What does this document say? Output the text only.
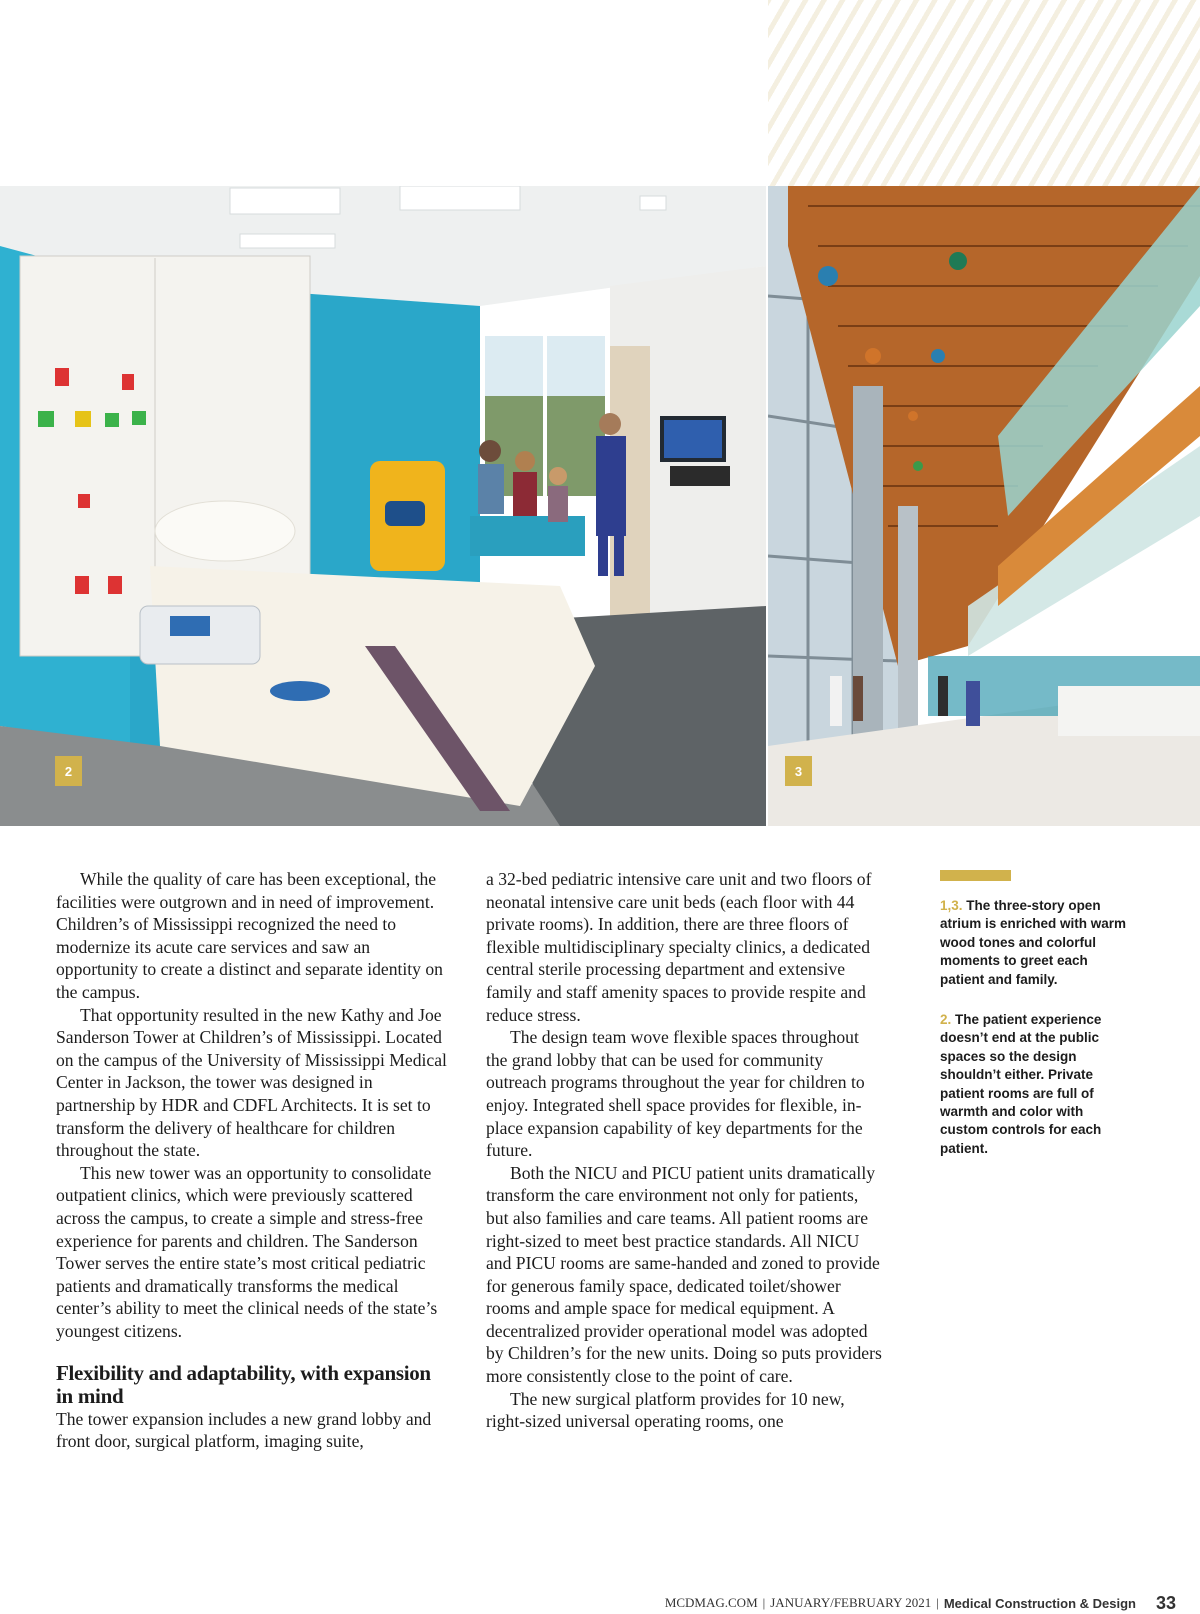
2	3

While the quality of care has been exceptional, the facilities were outgrown and in need of improvement. Children’s of Mississippi recognized the need to modernize its acute care services and saw an opportunity to create a distinct and separate identity on the campus.

That opportunity resulted in the new Kathy and Joe Sanderson Tower at Children’s of Mississippi. Located on the campus of the University of Mississippi Medical Center in Jackson, the tower was designed in partnership by HDR and CDFL Architects. It is set to transform the delivery of healthcare for children throughout the state.

This new tower was an opportunity to consolidate outpatient clinics, which were previously scattered across the campus, to create a simple and stress-free experience for parents and children. The Sanderson Tower serves the entire state’s most critical pediatric patients and dramatically transforms the medical center’s ability to meet the clinical needs of the state’s youngest citizens.

Flexibility and adaptability, with expansion in mind

The tower expansion includes a new grand lobby and front door, surgical platform, imaging suite,

a 32-bed pediatric intensive care unit and two floors of neonatal intensive care unit beds (each floor with 44 private rooms). In addition, there are three floors of flexible multidisciplinary specialty clinics, a dedicated central sterile processing department and extensive family and staff amenity spaces to provide respite and reduce stress.

The design team wove flexible spaces throughout the grand lobby that can be used for community outreach programs throughout the year for children to enjoy. Integrated shell space provides for flexible, in-place expansion capability of key departments for the future.

Both the NICU and PICU patient units dramatically transform the care environment not only for patients, but also families and care teams. All patient rooms are right-sized to meet best practice standards. All NICU and PICU rooms are same-handed and zoned to provide for generous family space, dedicated toilet/shower rooms and ample space for medical equipment. A decentralized provider operational model was adopted by Children’s for the new units. Doing so puts providers more consistently close to the point of care.

The new surgical platform provides for 10 new, right-sized universal operating rooms, one

1,3. The three-story open atrium is enriched with warm wood tones and colorful moments to greet each patient and family.

2. The patient experience doesn’t end at the public spaces so the design shouldn’t either. Private patient rooms are full of warmth and color with custom controls for each patient.

MCDMAG.COM | JANUARY/FEBRUARY 2021 | Medical Construction & Design 33
